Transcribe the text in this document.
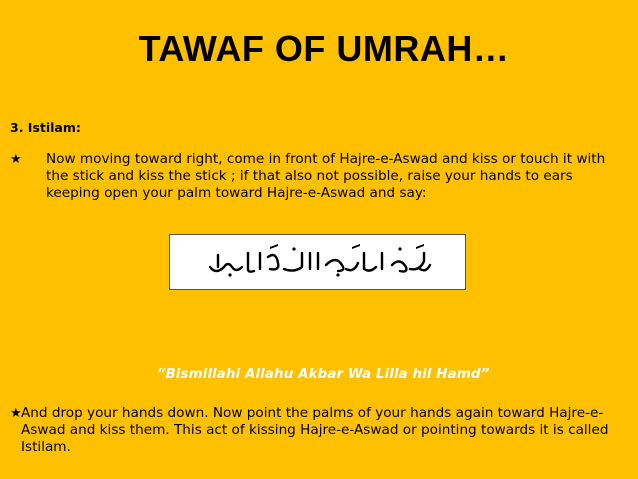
TAWAF OF UMRAH…
3. Istilam:
★ Now moving toward right, come in front of Hajre-e-Aswad and kiss or touch it with the stick and kiss the stick ; if that also not possible, raise your hands to ears keeping open your palm toward Hajre-e-Aswad and say:
“Bismillahi Allahu Akbar Wa Lilla hil Hamd”
★ And drop your hands down. Now point the palms of your hands again toward Hajre-e-Aswad and kiss them. This act of kissing Hajre-e-Aswad or pointing towards it is called Istilam.
